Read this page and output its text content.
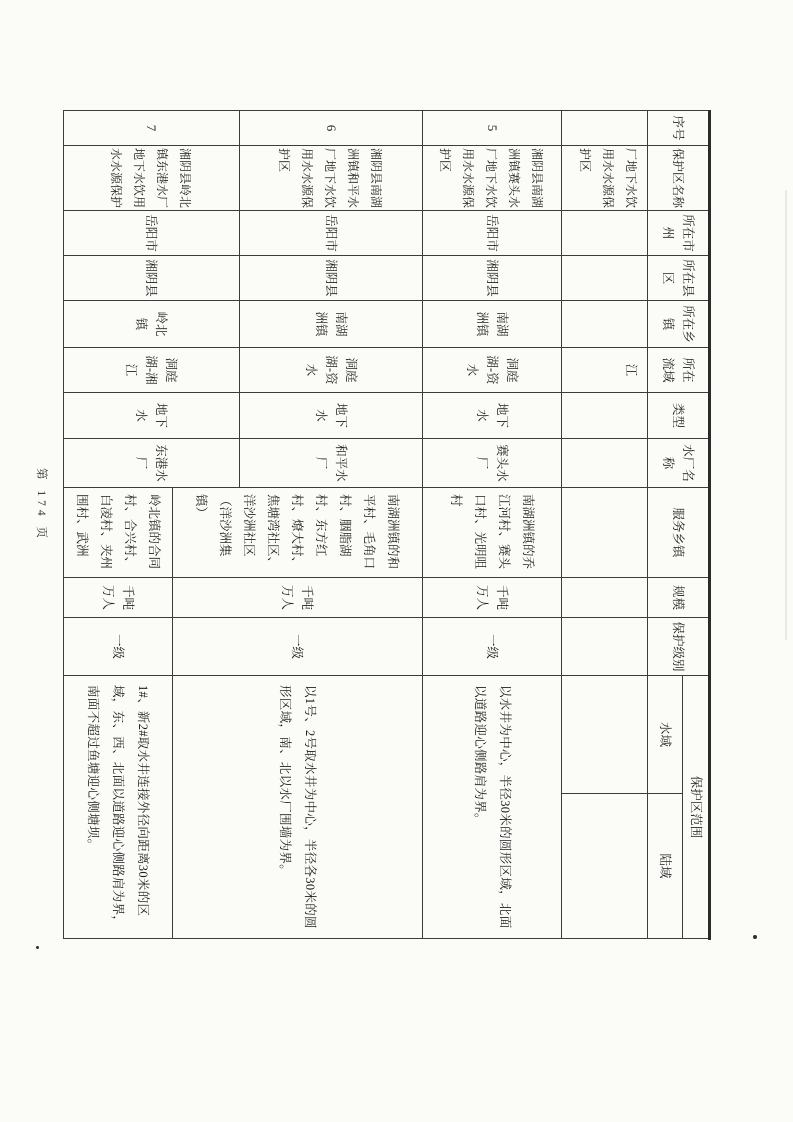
序号
保护区名称
所在市州
所在县区
所在乡镇
所在流域
类型
水厂名称
服务乡镇
规模
保护级别
保护区范围
水域
陆域
厂地下水饮用水水源保护区
江
5
湘阴县南湖洲镇赛头水厂地下水饮用水水源保护区
岳阳市
湘阴县
南湖洲镇
洞庭湖-资水
地下水
赛头水厂
南湖洲镇的乔江河村、赛头口村、光明咀村
千吨万人
一级
以水井为中心，半径30米的圆形区域，北面以道路迎心侧路肩为界。
6
湘阴县南湖洲镇和平水厂地下水饮用水水源保护区
岳阳市
湘阴县
南湖洲镇
洞庭湖-资水
地下水
和平水厂
南湖洲镇的和平村、毛角口村、胭脂湖村、东方红村、燎大村、焦塘湾社区、洋沙洲社区（洋沙洲集镇）
千吨万人
一级
以1号、2号取水井为中心，半径各30米的圆形区域，南、北以水厂围墙为界。
7
湘阴县岭北镇东港水厂地下水饮用水水源保护
岳阳市
湘阴县
岭北镇
洞庭湖-湘江
地下水
东港水厂
岭北镇的合同村、合兴村、白凌村、夹州围村、武洲
千吨万人
一级
1#、新2#取水井连接外径向距离30米的区域，东、西、北面以道路迎心侧路肩为界，南面不超过鱼塘迎心侧塘坝。
第 174 页
